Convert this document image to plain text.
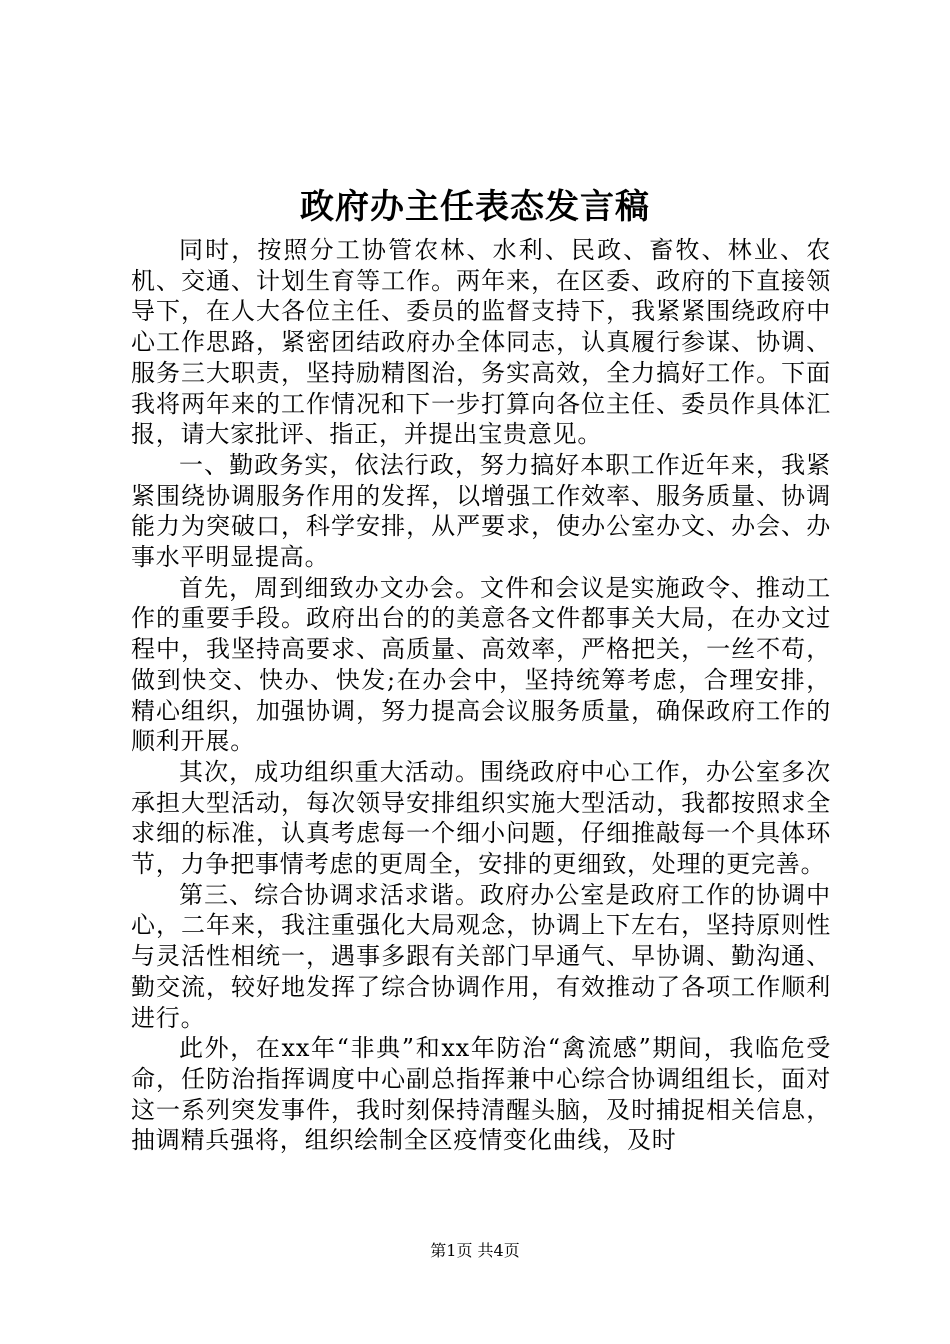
政府办主任表态发言稿

同时，按照分工协管农林、水利、民政、畜牧、林业、农机、交通、计划生育等工作。两年来，在区委、政府的下直接领导下，在人大各位主任、委员的监督支持下，我紧紧围绕政府中心工作思路，紧密团结政府办全体同志，认真履行参谋、协调、服务三大职责，坚持励精图治，务实高效，全力搞好工作。下面我将两年来的工作情况和下一步打算向各位主任、委员作具体汇报，请大家批评、指正，并提出宝贵意见。

一、勤政务实，依法行政，努力搞好本职工作近年来，我紧紧围绕协调服务作用的发挥，以增强工作效率、服务质量、协调能力为突破口，科学安排，从严要求，使办公室办文、办会、办事水平明显提高。

首先，周到细致办文办会。文件和会议是实施政令、推动工作的重要手段。政府出台的的美意各文件都事关大局，在办文过程中，我坚持高要求、高质量、高效率，严格把关，一丝不苟，做到快交、快办、快发;在办会中，坚持统筹考虑，合理安排，精心组织，加强协调，努力提高会议服务质量，确保政府工作的顺利开展。

其次，成功组织重大活动。围绕政府中心工作，办公室多次承担大型活动，每次领导安排组织实施大型活动，我都按照求全求细的标准，认真考虑每一个细小问题，仔细推敲每一个具体环节，力争把事情考虑的更周全，安排的更细致，处理的更完善。

第三、综合协调求活求谐。政府办公室是政府工作的协调中心，二年来，我注重强化大局观念，协调上下左右，坚持原则性与灵活性相统一，遇事多跟有关部门早通气、早协调、勤沟通、勤交流，较好地发挥了综合协调作用，有效推动了各项工作顺利进行。

此外，在xx年“非典”和xx年防治“禽流感”期间，我临危受命，任防治指挥调度中心副总指挥兼中心综合协调组组长，面对这一系列突发事件，我时刻保持清醒头脑，及时捕捉相关信息，抽调精兵强将，组织绘制全区疫情变化曲线，及时

第1页 共4页
